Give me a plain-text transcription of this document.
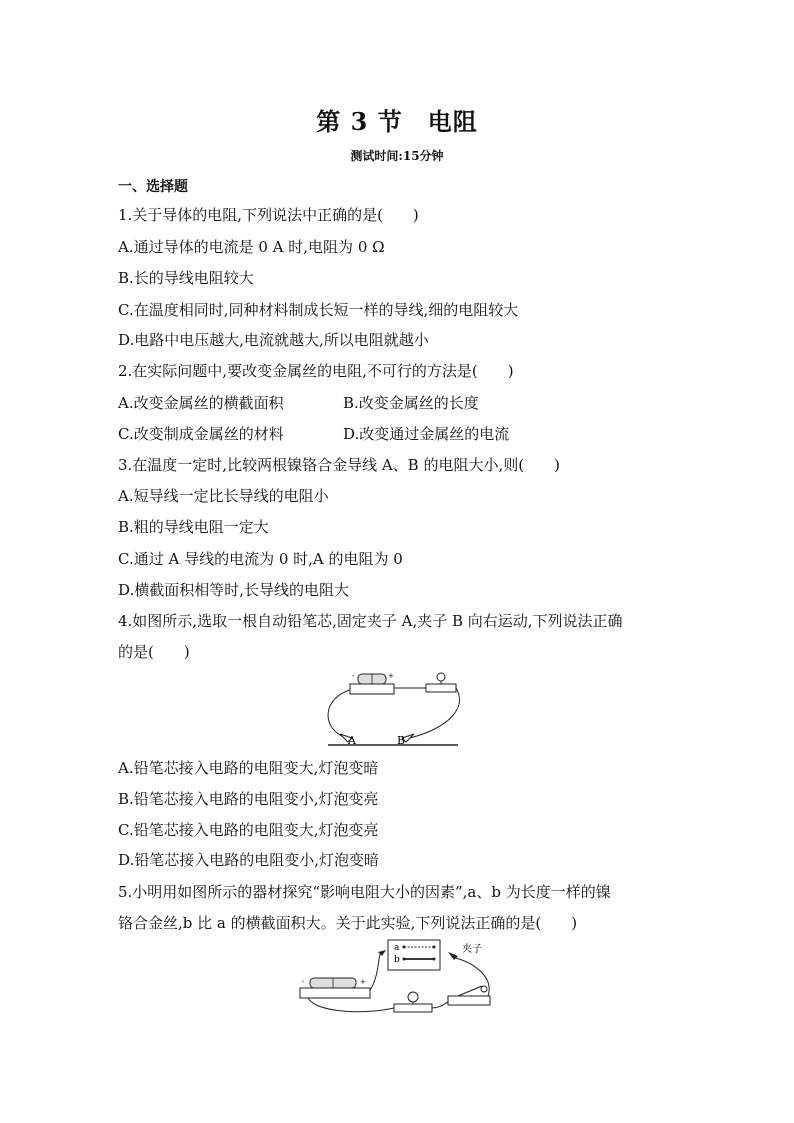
第 3 节　电阻
测试时间:15分钟
一、选择题
1.关于导体的电阻,下列说法中正确的是(　　)
A.通过导体的电流是 0 A 时,电阻为 0 Ω
B.长的导线电阻较大
C.在温度相同时,同种材料制成长短一样的导线,细的电阻较大
D.电路中电压越大,电流就越大,所以电阻就越小
2.在实际问题中,要改变金属丝的电阻,不可行的方法是(　　)
A.改变金属丝的横截面积	B.改变金属丝的长度
C.改变制成金属丝的材料	D.改变通过金属丝的电流
3.在温度一定时,比较两根镍铬合金导线 A、B 的电阻大小,则(　　)
A.短导线一定比长导线的电阻小
B.粗的导线电阻一定大
C.通过 A 导线的电流为 0 时,A 的电阻为 0
D.横截面积相等时,长导线的电阻大
4.如图所示,选取一根自动铅笔芯,固定夹子 A,夹子 B 向右运动,下列说法正确
的是(　　)
-	+
A	B
A.铅笔芯接入电路的电阻变大,灯泡变暗
B.铅笔芯接入电路的电阻变小,灯泡变亮
C.铅笔芯接入电路的电阻变大,灯泡变亮
D.铅笔芯接入电路的电阻变小,灯泡变暗
5.小明用如图所示的器材探究“影响电阻大小的因素”,a、b 为长度一样的镍
铬合金丝,b 比 a 的横截面积大。关于此实验,下列说法正确的是(　　)
a
b
夹子
-	+
